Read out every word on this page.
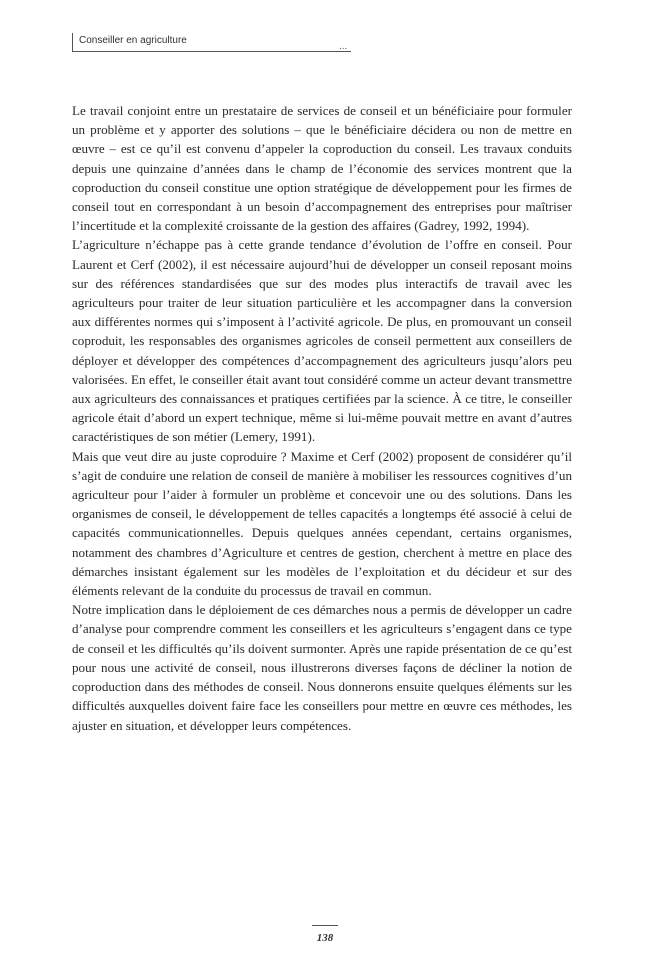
Conseiller en agriculture
...

Le travail conjoint entre un prestataire de services de conseil et un bénéficiaire pour formuler un problème et y apporter des solutions – que le bénéficiaire décidera ou non de mettre en œuvre – est ce qu’il est convenu d’appeler la coproduction du conseil. Les travaux conduits depuis une quinzaine d’années dans le champ de l’économie des services montrent que la coproduction du conseil constitue une option stratégique de développement pour les firmes de conseil tout en correspondant à un besoin d’accompagnement des entreprises pour maîtriser l’incertitude et la complexité croissante de la gestion des affaires (Gadrey, 1992, 1994).

L’agriculture n’échappe pas à cette grande tendance d’évolution de l’offre en conseil. Pour Laurent et Cerf (2002), il est nécessaire aujourd’hui de développer un conseil reposant moins sur des références standardisées que sur des modes plus interactifs de travail avec les agriculteurs pour traiter de leur situation particulière et les accompagner dans la conversion aux différentes normes qui s’imposent à l’activité agricole. De plus, en promouvant un conseil coproduit, les responsables des organismes agricoles de conseil permettent aux conseillers de déployer et développer des compétences d’accompagnement des agriculteurs jusqu’alors peu valorisées. En effet, le conseiller était avant tout considéré comme un acteur devant transmettre aux agriculteurs des connaissances et pratiques certifiées par la science. À ce titre, le conseiller agricole était d’abord un expert technique, même si lui-même pouvait mettre en avant d’autres caractéristiques de son métier (Lemery, 1991).

Mais que veut dire au juste coproduire ? Maxime et Cerf (2002) proposent de considérer qu’il s’agit de conduire une relation de conseil de manière à mobiliser les ressources cognitives d’un agriculteur pour l’aider à formuler un problème et concevoir une ou des solutions. Dans les organismes de conseil, le développement de telles capacités a longtemps été associé à celui de capacités communicationnelles. Depuis quelques années cependant, certains organismes, notamment des chambres d’Agriculture et centres de gestion, cherchent à mettre en place des démarches insistant également sur les modèles de l’exploitation et du décideur et sur des éléments relevant de la conduite du processus de travail en commun.

Notre implication dans le déploiement de ces démarches nous a permis de développer un cadre d’analyse pour comprendre comment les conseillers et les agriculteurs s’engagent dans ce type de conseil et les difficultés qu’ils doivent surmonter. Après une rapide présentation de ce qu’est pour nous une activité de conseil, nous illustrerons diverses façons de décliner la notion de coproduction dans des méthodes de conseil. Nous donnerons ensuite quelques éléments sur les difficultés auxquelles doivent faire face les conseillers pour mettre en œuvre ces méthodes, les ajuster en situation, et développer leurs compétences.

138
